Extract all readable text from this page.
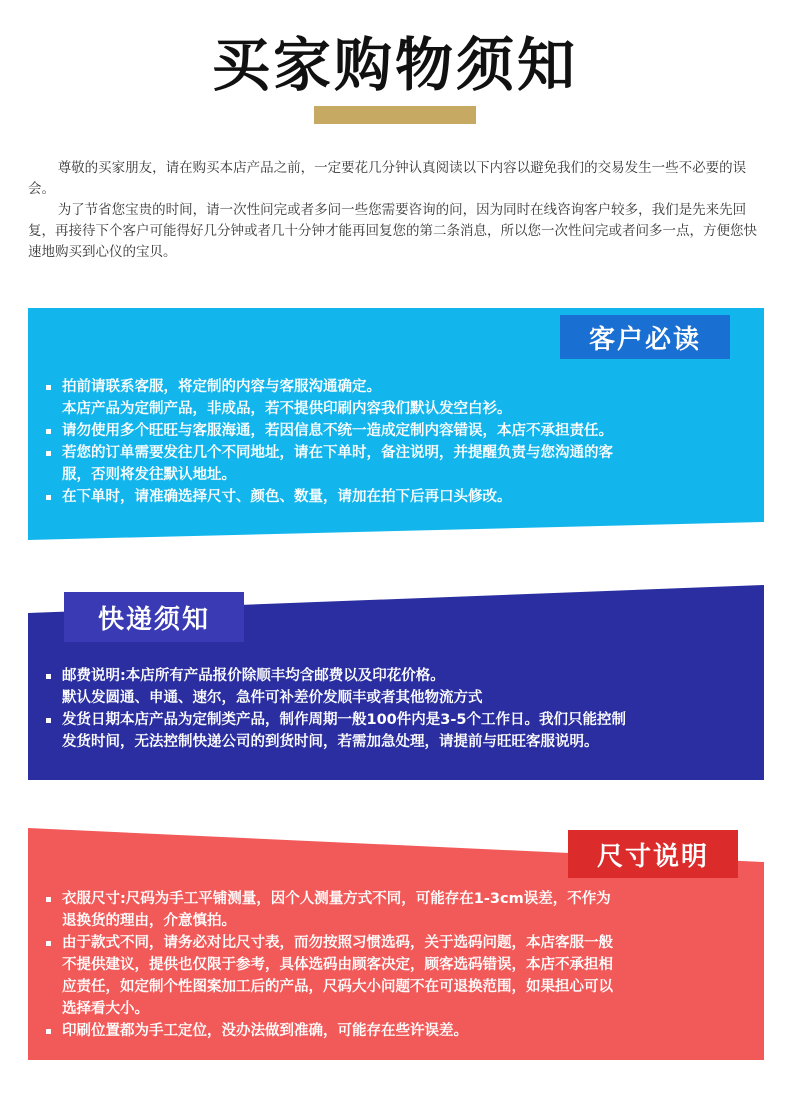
买家购物须知

尊敬的买家朋友，请在购买本店产品之前，一定要花几分钟认真阅读以下内容以避免我们的交易发生一些不必要的误会。

为了节省您宝贵的时间，请一次性问完或者多问一些您需要咨询的问，因为同时在线咨询客户较多，我们是先来先回复，再接待下个客户可能得好几分钟或者几十分钟才能再回复您的第二条消息，所以您一次性问完或者问多一点，方便您快速地购买到心仪的宝贝。

拍前请联系客服，将定制的内容与客服沟通确定。
本店产品为定制产品，非成品，若不提供印刷内容我们默认发空白衫。
请勿使用多个旺旺与客服海通，若因信息不统一造成定制内容错误，本店不承担责任。
若您的订单需要发往几个不同地址，请在下单时，备注说明，并提醒负责与您沟通的客
服，否则将发往默认地址。
在下单时，请准确选择尺寸、颜色、数量，请加在拍下后再口头修改。
客户必读
邮费说明:本店所有产品报价除顺丰均含邮费以及印花价格。
默认发圆通、申通、速尔，急件可补差价发顺丰或者其他物流方式
发货日期本店产品为定制类产品，制作周期一般100件内是3-5个工作日。我们只能控制
发货时间，无法控制快递公司的到货时间，若需加急处理，请提前与旺旺客服说明。
快递须知
衣服尺寸:尺码为手工平铺测量，因个人测量方式不同，可能存在1-3cm误差，不作为
退换货的理由，介意慎拍。
由于款式不同，请务必对比尺寸表，而勿按照习惯选码，关于选码问题，本店客服一般
不提供建议，提供也仅限于参考，具体选码由顾客决定，顾客选码错误，本店不承担相
应责任，如定制个性图案加工后的产品，尺码大小问题不在可退换范围，如果担心可以
选择看大小。
印刷位置都为手工定位，没办法做到准确，可能存在些许误差。
尺寸说明
